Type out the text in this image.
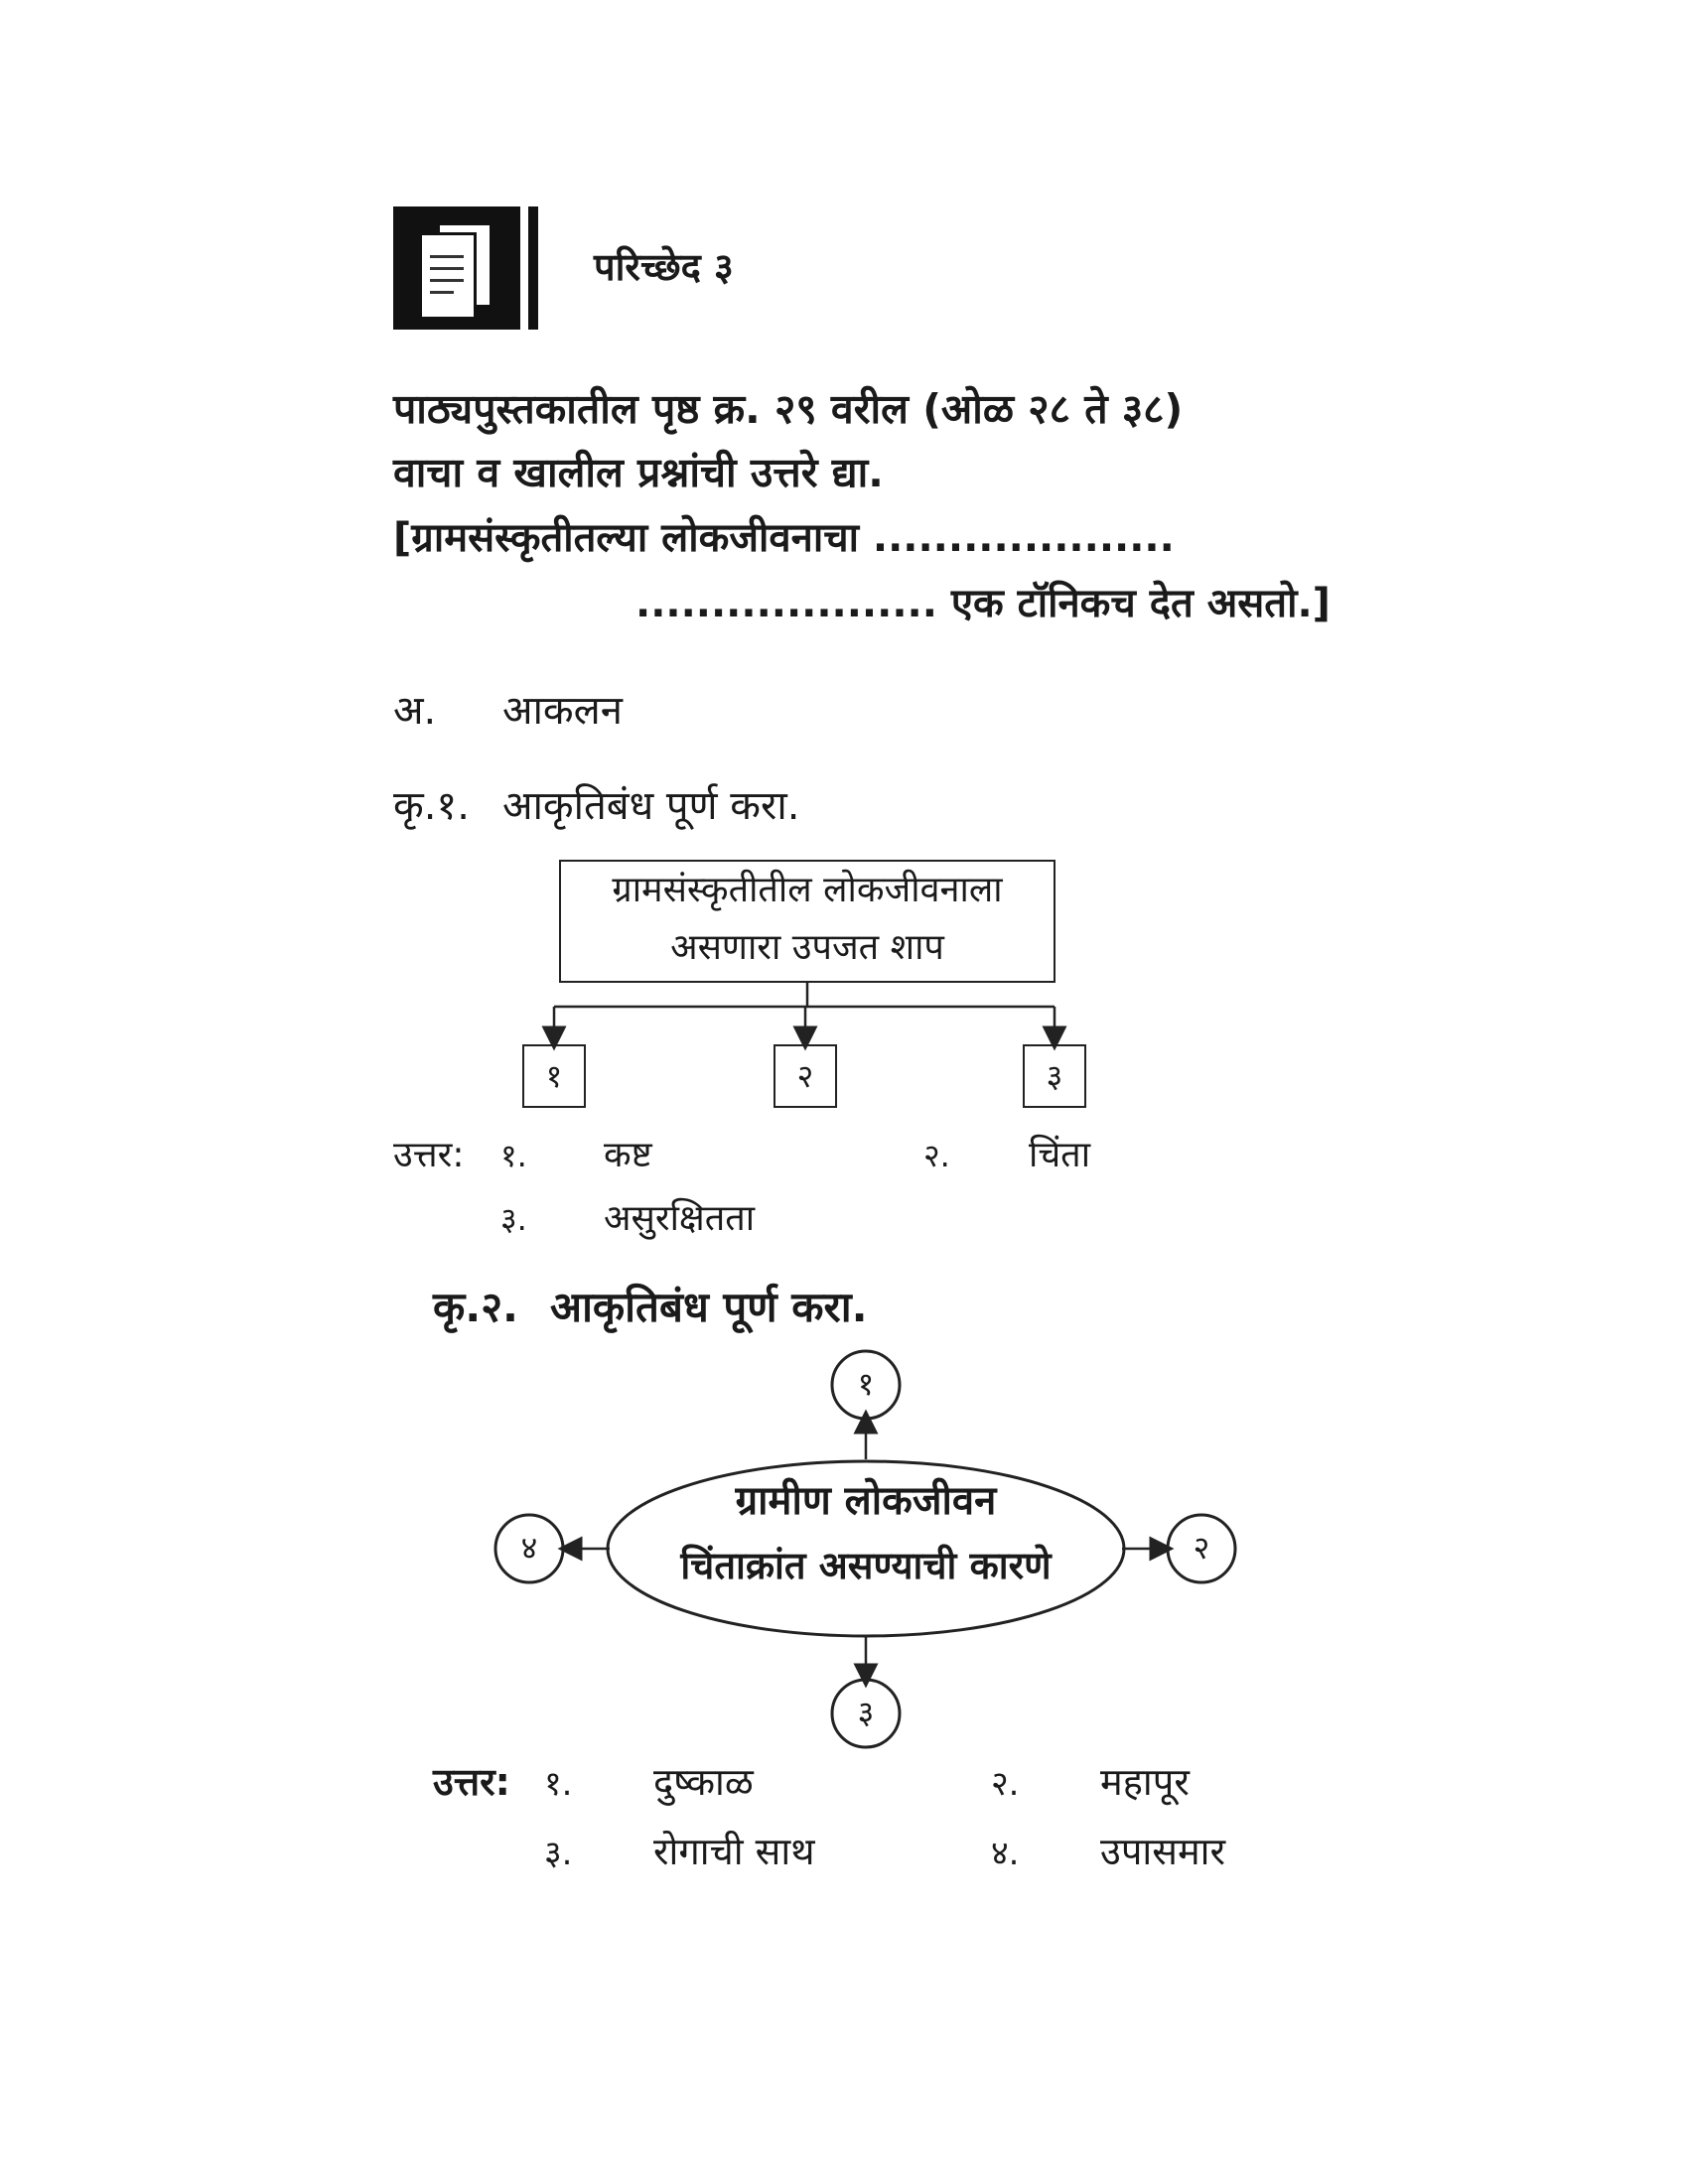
परिच्छेद ३
पाठ्यपुस्तकातील पृष्ठ क्र. २९ वरील (ओळ २८ ते ३८)
वाचा व खालील प्रश्नांची उत्तरे द्या.
[ग्रामसंस्कृतीतल्या लोकजीवनाचा ....................
.................... एक टॉनिकच देत असतो.]
अ. आकलन
कृ.१. आकृतिबंध पूर्ण करा.
ग्रामसंस्कृतीतील लोकजीवनाला
असणारा उपजत शाप
१	२	३
उत्तर: १. कष्ट	२. चिंता
३. असुरक्षितता
कृ.२. आकृतिबंध पूर्ण करा.
ग्रामीण लोकजीवन
चिंताक्रांत असण्याची कारणे
१
२
३
४
उत्तर: १. दुष्काळ	२. महापूर
३. रोगाची साथ	४. उपासमार
